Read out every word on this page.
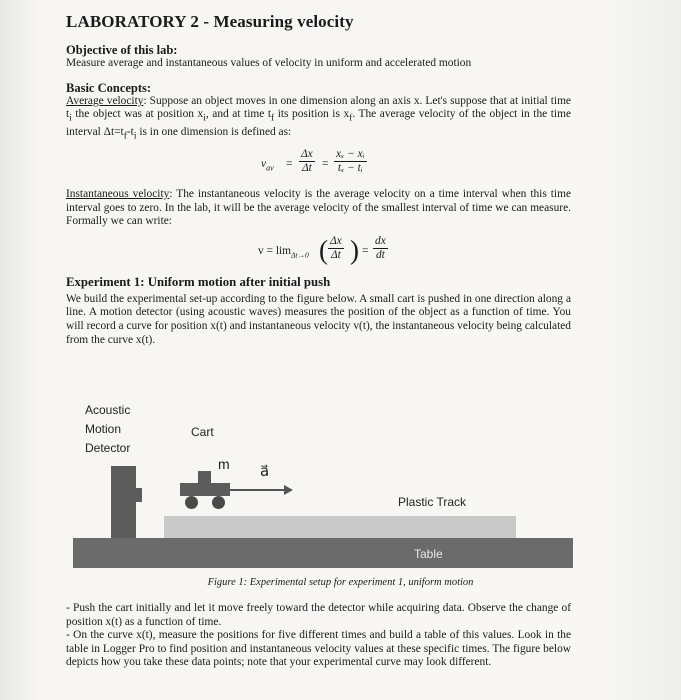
LABORATORY 2 - Measuring velocity

Objective of this lab:

Measure average and instantaneous values of velocity in uniform and accelerated motion

Basic Concepts:

Average velocity: Suppose an object moves in one dimension along an axis x. Let's suppose that at initial time $t_i$ the object was at position $x_i$, and at time $t_f$ its position is $x_f$. The average velocity of the object in the time interval $\Delta t=t_f-t_i$ is in one dimension is defined as:

$v_{av} = \frac{\Delta x}{\Delta t} = \frac{\text{xₓ − xᵢ}}{\text{tₓ − tᵢ}}$

Instantaneous velocity: The instantaneous velocity is the average velocity on a time interval when this time interval goes to zero. In the lab, it will be the average velocity of the smallest interval of time we can measure. Formally we can write:

$v = \lim_{\Delta t\to 0}$ ( $\frac{\Delta x}{\Delta t}$ ) = $\frac{dx}{dt}$

Experiment 1: Uniform motion after initial push

We build the experimental set-up according to the figure below. A small cart is pushed in one direction along a line. A motion detector (using acoustic waves) measures the position of the object as a function of time. You will record a curve for position x(t) and instantaneous velocity v(t), the instantaneous velocity being calculated from the curve x(t).

Acoustic
Motion
Detector
Cart
m a⃗
Plastic Track
Table
Figure 1: Experimental setup for experiment 1, uniform motion

- Push the cart initially and let it move freely toward the detector while acquiring data. Observe the change of position x(t) as a function of time.

- On the curve x(t), measure the positions for five different times and build a table of this values. Look in the table in Logger Pro to find position and instantaneous velocity values at these specific times. The figure below depicts how you take these data points; note that your experimental curve may look different.
